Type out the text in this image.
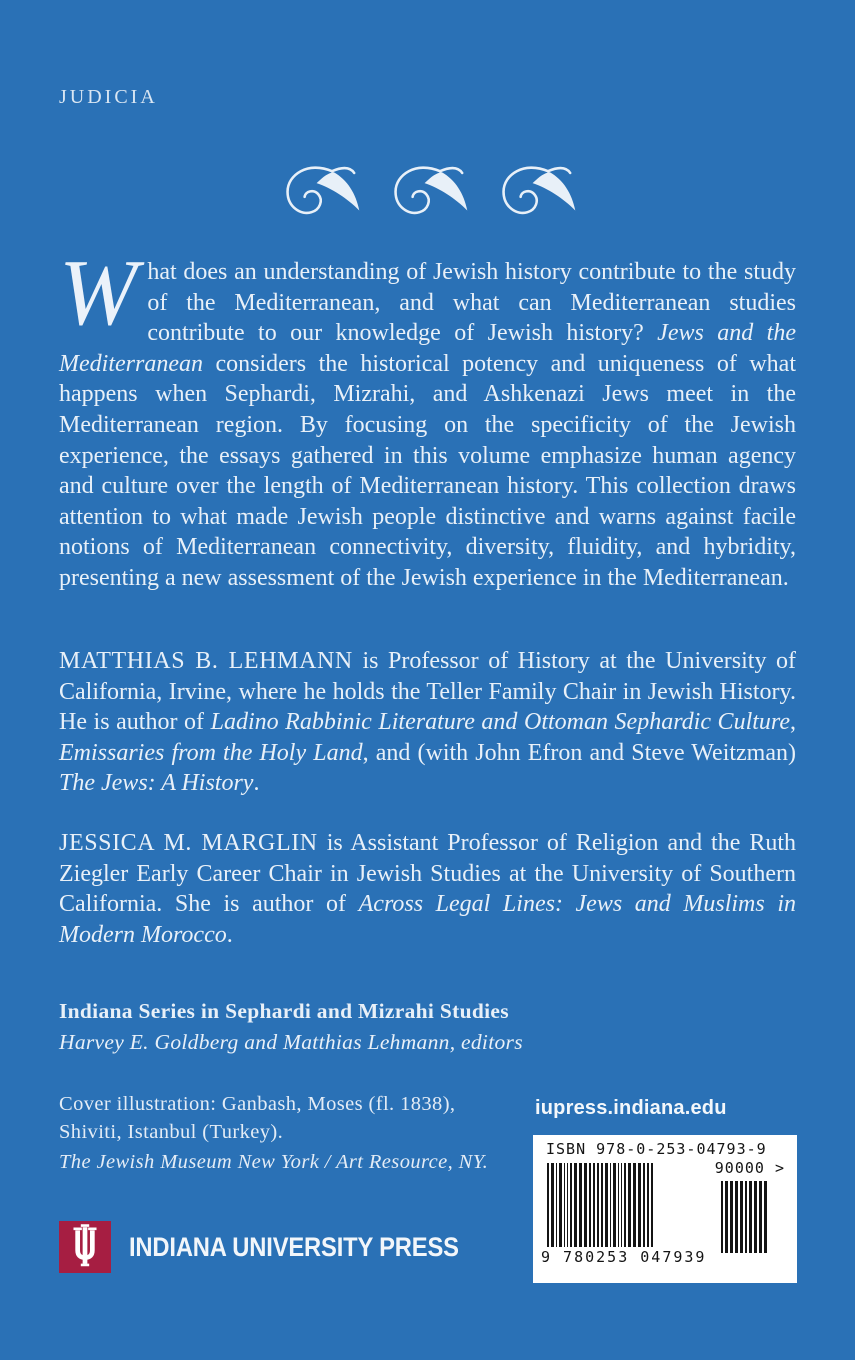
JUDICIA
What does an understanding of Jewish history contribute to the study of the Mediterranean, and what can Mediterranean studies contribute to our knowledge of Jewish history? Jews and the Mediterranean considers the historical potency and uniqueness of what happens when Sephardi, Mizrahi, and Ashkenazi Jews meet in the Mediterranean region. By focusing on the specificity of the Jewish experience, the essays gathered in this volume emphasize human agency and culture over the length of Mediterranean history. This collection draws attention to what made Jewish people distinctive and warns against facile notions of Mediterranean connectivity, diversity, fluidity, and hybridity, presenting a new assessment of the Jewish experience in the Mediterranean.
MATTHIAS B. LEHMANN is Professor of History at the University of California, Irvine, where he holds the Teller Family Chair in Jewish History. He is author of Ladino Rabbinic Literature and Ottoman Sephardic Culture, Emissaries from the Holy Land, and (with John Efron and Steve Weitzman) The Jews: A History.
JESSICA M. MARGLIN is Assistant Professor of Religion and the Ruth Ziegler Early Career Chair in Jewish Studies at the University of Southern California. She is author of Across Legal Lines: Jews and Muslims in Modern Morocco.
Indiana Series in Sephardi and Mizrahi Studies
Harvey E. Goldberg and Matthias Lehmann, editors
Cover illustration: Ganbash, Moses (fl. 1838),
Shiviti, Istanbul (Turkey).
The Jewish Museum New York / Art Resource, NY.
iupress.indiana.edu
ISBN 978-0-253-04793-9
9 780253 047939
90000 >
INDIANA UNIVERSITY PRESS
